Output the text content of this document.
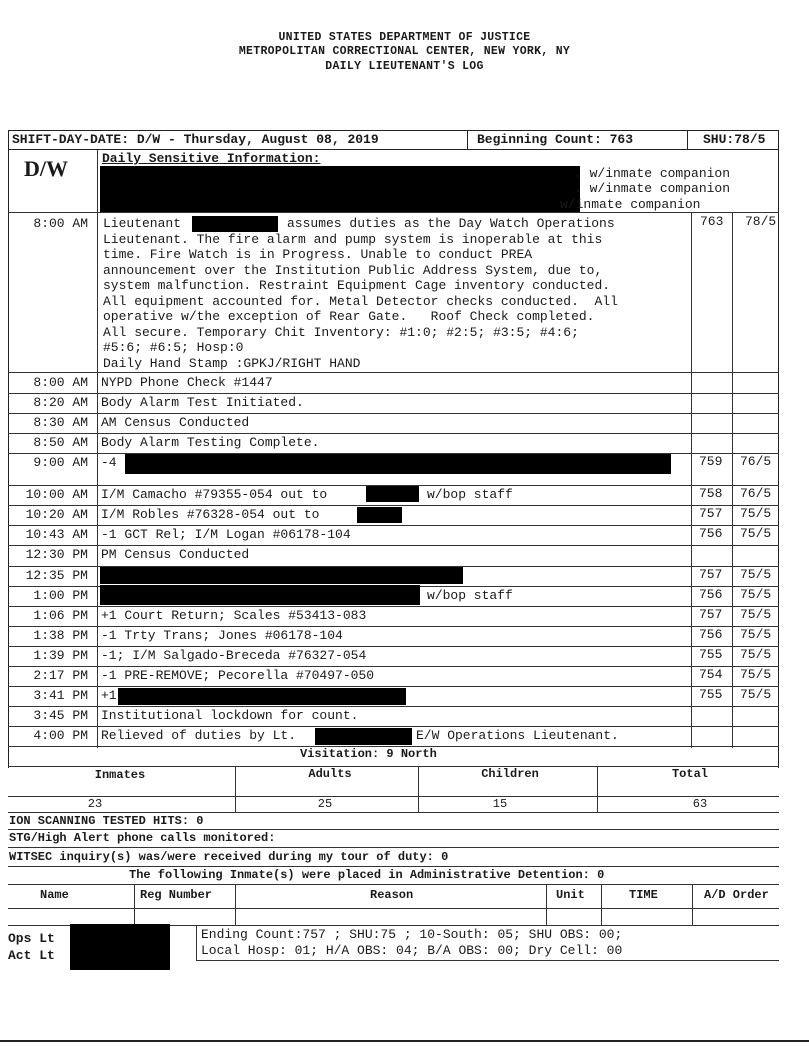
UNITED STATES DEPARTMENT OF JUSTICE
METROPOLITAN CORRECTIONAL CENTER, NEW YORK, NY
DAILY LIEUTENANT'S LOG
SHIFT-DAY-DATE: D/W - Thursday, August 08, 2019	Beginning Count: 763	SHU:78/5
D/W	Daily Sensitive Information:
. w/inmate companion
. w/inmate companion
w/inmate companion
8:00 AM Lieutenant	assumes duties as the Day Watch Operations
Lieutenant. The fire alarm and pump system is inoperable at this
time. Fire Watch is in Progress. Unable to conduct PREA
announcement over the Institution Public Address System, due to,
system malfunction. Restraint Equipment Cage inventory conducted.
All equipment accounted for. Metal Detector checks conducted.  All
operative w/the exception of Rear Gate.   Roof Check completed.
All secure. Temporary Chit Inventory: #1:0; #2:5; #3:5; #4:6;
#5:6; #6:5; Hosp:0
Daily Hand Stamp :GPKJ/RIGHT HAND
763 78/5
8:00 AM NYPD Phone Check #1447
8:20 AM Body Alarm Test Initiated.
8:30 AM AM Census Conducted
8:50 AM Body Alarm Testing Complete.
9:00 AM -4	759 76/5
10:00 AM I/M Camacho #79355-054 out to	w/bop staff	758 76/5
10:20 AM I/M Robles #76328-054 out to	757 75/5
10:43 AM -1 GCT Rel; I/M Logan #06178-104	756 75/5
12:30 PM PM Census Conducted
12:35 PM	757 75/5
1:00 PM	w/bop staff	756 75/5
1:06 PM +1 Court Return; Scales #53413-083	757 75/5
1:38 PM -1 Trty Trans; Jones #06178-104	756 75/5
1:39 PM -1; I/M Salgado-Breceda #76327-054	755 75/5
2:17 PM -1 PRE-REMOVE; Pecorella #70497-050	754 75/5
3:41 PM +1	755 75/5
3:45 PM Institutional lockdown for count.
4:00 PM Relieved of duties by Lt.	E/W Operations Lieutenant.
Visitation: 9 North
Inmates	Adults	Children	Total
23	25	15	63
ION SCANNING TESTED HITS: 0
STG/High Alert phone calls monitored:
WITSEC inquiry(s) was/were received during my tour of duty: 0
The following Inmate(s) were placed in Administrative Detention: 0
Name	Reg Number	Reason	Unit	TIME	A/D Order
Ops Lt
Act Lt
Ending Count:757 ; SHU:75 ; 10-South: 05; SHU OBS: 00;
Local Hosp: 01; H/A OBS: 04; B/A OBS: 00; Dry Cell: 00
